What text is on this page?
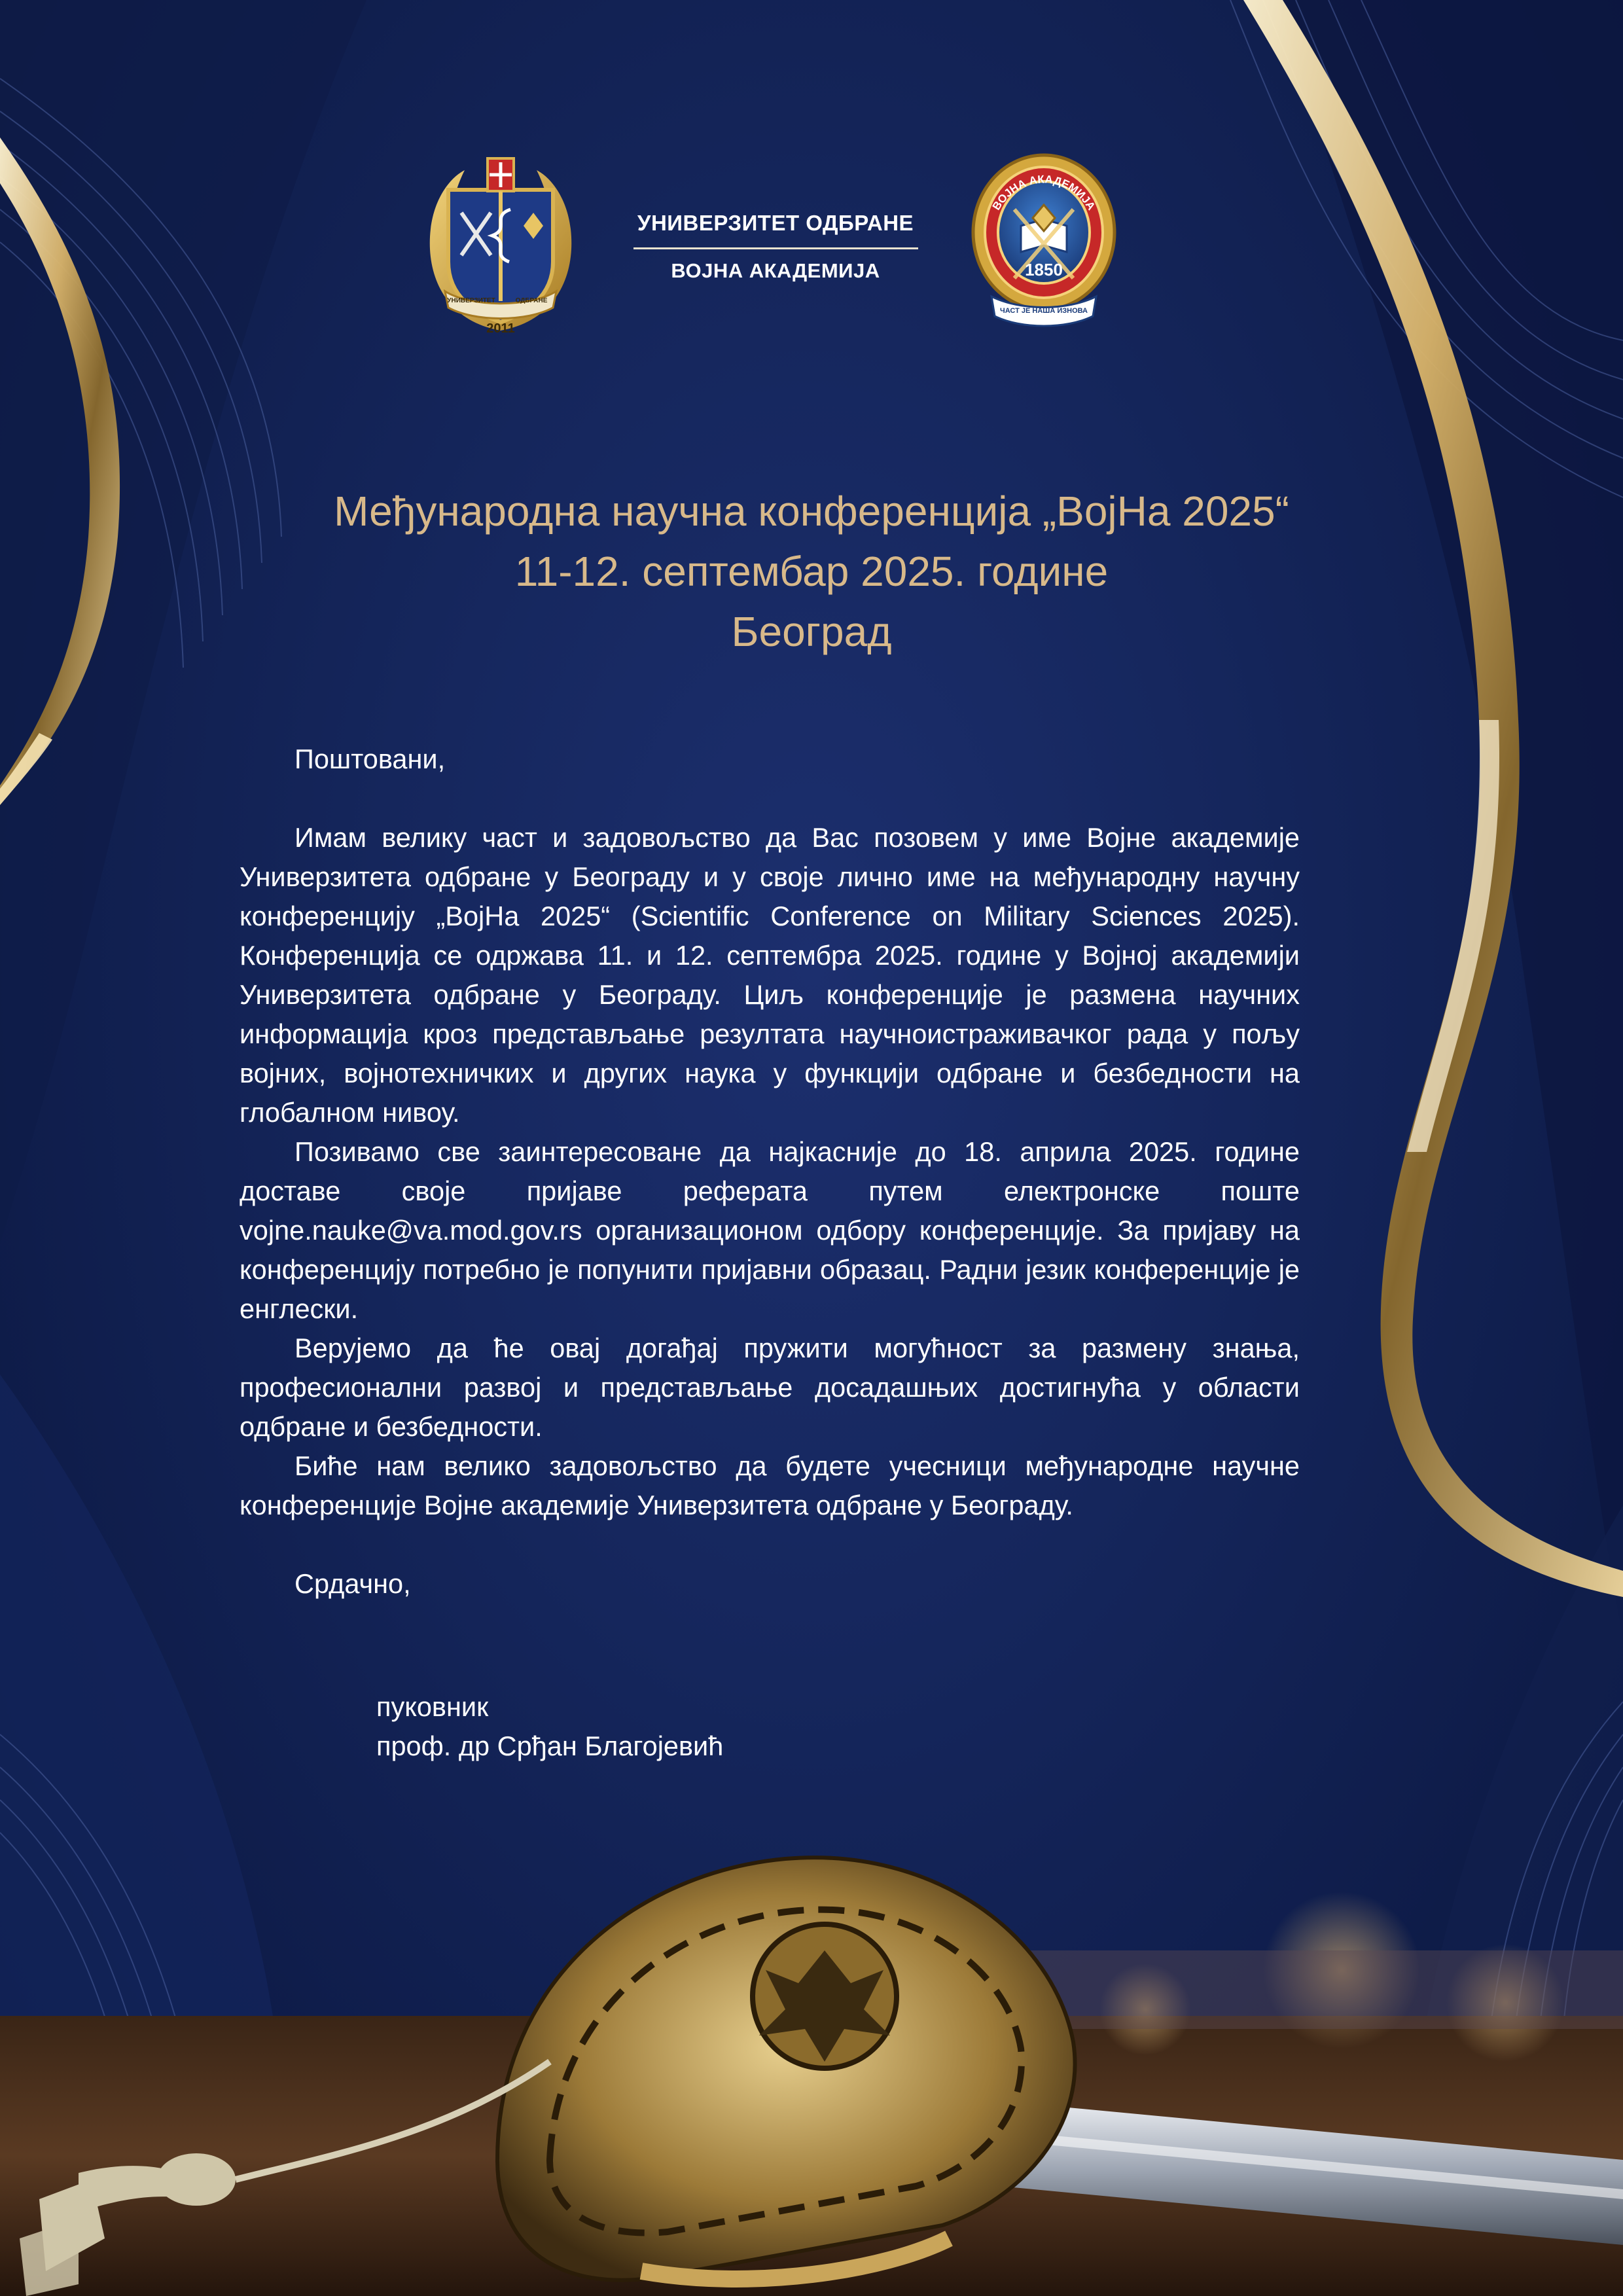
2011
УНИВЕРЗИТЕТ	ОДБРАНЕ
УНИВЕРЗИТЕТ ОДБРАНЕ
ВОЈНА АКАДЕМИЈА
ВОЈНА АКАДЕМИЈА
1850
ЧАСТ ЈЕ НАША ИЗНОВА
Међународна научна конференција „ВојНа 2025“
11-12. септембар 2025. године
Београд

Поштовани,

Имам велику част и задовољство да Вас позовем у име Војне академије Универзитета одбране у Београду и у своје лично име на међународну научну конференцију „ВојНа 2025“ (Scientific Conference on Military Sciences 2025). Конференција се одржава 11. и 12. септембра 2025. године у Војној академији Универзитета одбране у Београду. Циљ конференције је размена научних информација кроз представљање резултата научноистраживачког рада у пољу војних, војнотехничких и других наука у функцији одбране и безбедности на глобалном нивоу.

Позивамо све заинтересоване да најкасније до 18. априла 2025. године доставе своје пријаве реферата путем електронске поште vojne.nauke@va.mod.gov.rs организационом одбору конференције. За пријаву на конференцију потребно је попунити пријавни образац. Радни језик конференције је енглески.

Верујемо да ће овај догађај пружити могућност за размену знања, професионални развој и представљање досадашњих достигнућа у области одбране и безбедности.

Биће нам велико задовољство да будете учесници међународне научне конференције Војне академије Универзитета одбране у Београду.

Срдачно,

пуковник
проф. др Срђан Благојевић
